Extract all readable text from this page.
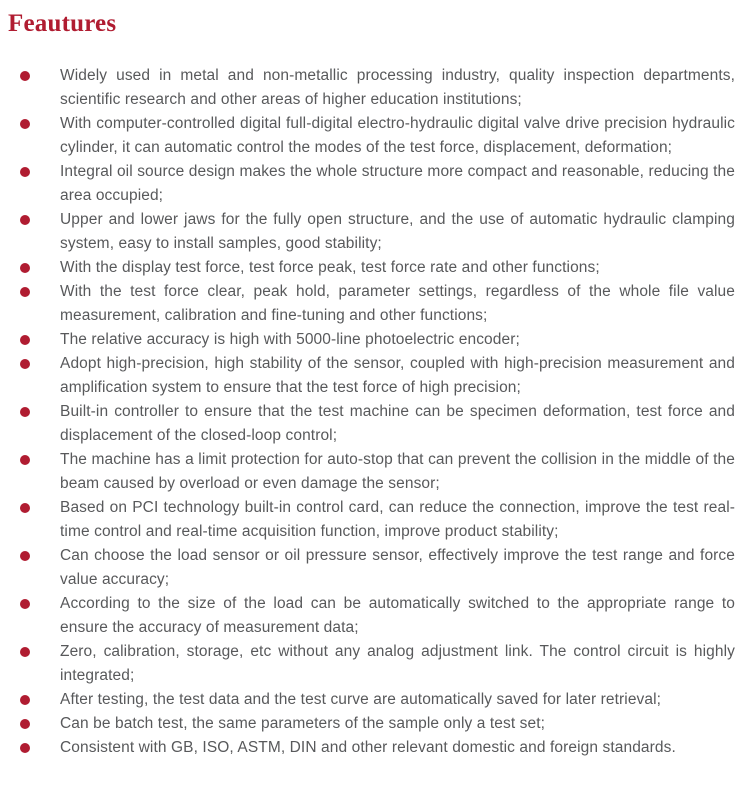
Feautures
Widely used in metal and non-metallic processing industry, quality inspection departments, scientific research and other areas of higher education institutions;
With computer-controlled digital full-digital electro-hydraulic digital valve drive precision hydraulic cylinder, it can automatic control the modes of the test force, displacement, deformation;
Integral oil source design makes the whole structure more compact and reasonable, reducing the area occupied;
Upper and lower jaws for the fully open structure, and the use of automatic hydraulic clamping system, easy to install samples, good stability;
With the display test force, test force peak, test force rate and other functions;
With the test force clear, peak hold, parameter settings, regardless of the whole file value measurement, calibration and fine-tuning and other functions;
The relative accuracy is high with 5000-line photoelectric encoder;
Adopt high-precision, high stability of the sensor, coupled with high-precision measurement and amplification system to ensure that the test force of high precision;
Built-in controller to ensure that the test machine can be specimen deformation, test force and displacement of the closed-loop control;
The machine has a limit protection for auto-stop that can prevent the collision in the middle of the beam caused by overload or even damage the sensor;
Based on PCI technology built-in control card, can reduce the connection, improve the test real-time control and real-time acquisition function, improve product stability;
Can choose the load sensor or oil pressure sensor, effectively improve the test range and force value accuracy;
According to the size of the load can be automatically switched to the appropriate range to ensure the accuracy of measurement data;
Zero, calibration, storage, etc without any analog adjustment link. The control circuit is highly integrated;
After testing, the test data and the test curve are automatically saved for later retrieval;
Can be batch test, the same parameters of the sample only a test set;
Consistent with GB, ISO, ASTM, DIN and other relevant domestic and foreign standards.
